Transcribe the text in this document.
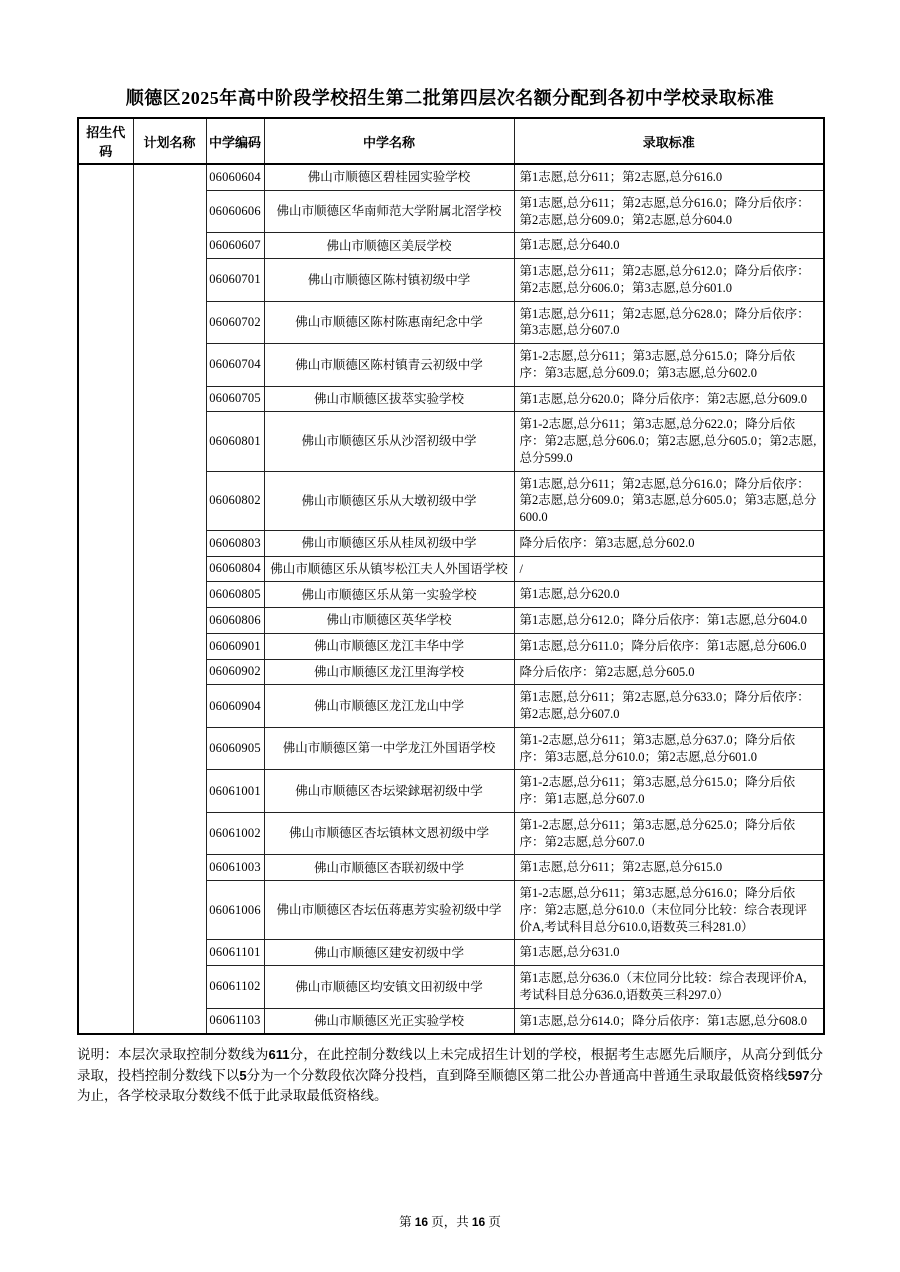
顺德区2025年高中阶段学校招生第二批第四层次名额分配到各初中学校录取标准
招生代码	计划名称	中学编码	中学名称	录取标准
		06060604	佛山市顺德区碧桂园实验学校	第1志愿,总分611；第2志愿,总分616.0
		06060606	佛山市顺德区华南师范大学附属北滘学校	第1志愿,总分611；第2志愿,总分616.0；降分后依序：第2志愿,总分609.0；第2志愿,总分604.0
		06060607	佛山市顺德区美辰学校	第1志愿,总分640.0
		06060701	佛山市顺德区陈村镇初级中学	第1志愿,总分611；第2志愿,总分612.0；降分后依序：第2志愿,总分606.0；第3志愿,总分601.0
		06060702	佛山市顺德区陈村陈惠南纪念中学	第1志愿,总分611；第2志愿,总分628.0；降分后依序：第3志愿,总分607.0
		06060704	佛山市顺德区陈村镇青云初级中学	第1-2志愿,总分611；第3志愿,总分615.0；降分后依序：第3志愿,总分609.0；第3志愿,总分602.0
		06060705	佛山市顺德区拔萃实验学校	第1志愿,总分620.0；降分后依序：第2志愿,总分609.0
		06060801	佛山市顺德区乐从沙滘初级中学	第1-2志愿,总分611；第3志愿,总分622.0；降分后依序：第2志愿,总分606.0；第2志愿,总分605.0；第2志愿,总分599.0
		06060802	佛山市顺德区乐从大墩初级中学	第1志愿,总分611；第2志愿,总分616.0；降分后依序：第2志愿,总分609.0；第3志愿,总分605.0；第3志愿,总分600.0
		06060803	佛山市顺德区乐从桂凤初级中学	降分后依序：第3志愿,总分602.0
		06060804	佛山市顺德区乐从镇岑松江夫人外国语学校	/
		06060805	佛山市顺德区乐从第一实验学校	第1志愿,总分620.0
		06060806	佛山市顺德区英华学校	第1志愿,总分612.0；降分后依序：第1志愿,总分604.0
		06060901	佛山市顺德区龙江丰华中学	第1志愿,总分611.0；降分后依序：第1志愿,总分606.0
		06060902	佛山市顺德区龙江里海学校	降分后依序：第2志愿,总分605.0
		06060904	佛山市顺德区龙江龙山中学	第1志愿,总分611；第2志愿,总分633.0；降分后依序：第2志愿,总分607.0
		06060905	佛山市顺德区第一中学龙江外国语学校	第1-2志愿,总分611；第3志愿,总分637.0；降分后依序：第3志愿,总分610.0；第2志愿,总分601.0
		06061001	佛山市顺德区杏坛梁銶琚初级中学	第1-2志愿,总分611；第3志愿,总分615.0；降分后依序：第1志愿,总分607.0
		06061002	佛山市顺德区杏坛镇林文恩初级中学	第1-2志愿,总分611；第3志愿,总分625.0；降分后依序：第2志愿,总分607.0
		06061003	佛山市顺德区杏联初级中学	第1志愿,总分611；第2志愿,总分615.0
		06061006	佛山市顺德区杏坛伍蒋惠芳实验初级中学	第1-2志愿,总分611；第3志愿,总分616.0；降分后依序：第2志愿,总分610.0（末位同分比较：综合表现评价A,考试科目总分610.0,语数英三科281.0）
		06061101	佛山市顺德区建安初级中学	第1志愿,总分631.0
		06061102	佛山市顺德区均安镇文田初级中学	第1志愿,总分636.0（末位同分比较：综合表现评价A,考试科目总分636.0,语数英三科297.0）
		06061103	佛山市顺德区光正实验学校	第1志愿,总分614.0；降分后依序：第1志愿,总分608.0

说明：本层次录取控制分数线为611分，在此控制分数线以上未完成招生计划的学校，根据考生志愿先后顺序，从高分到低分录取，投档控制分数线下以5分为一个分数段依次降分投档，直到降至顺德区第二批公办普通高中普通生录取最低资格线597分为止，各学校录取分数线不低于此录取最低资格线。

第 16 页，共 16 页
